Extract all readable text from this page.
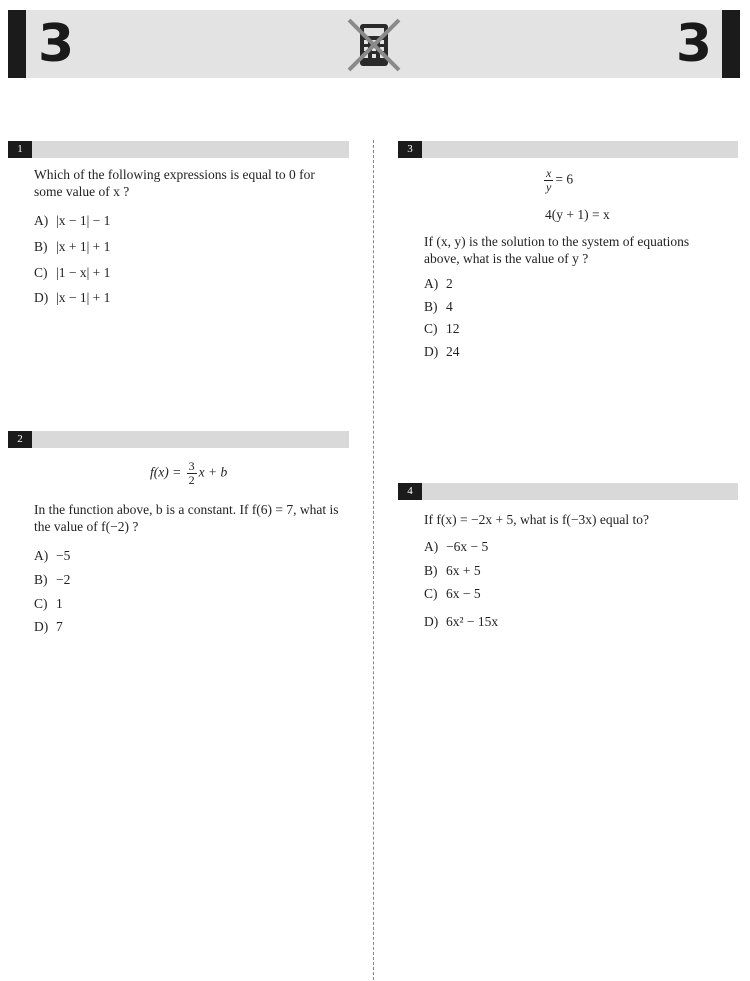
3	3
1
Which of the following expressions is equal to 0 for some value of x ?
A) |x − 1| − 1
B) |x + 1| + 1
C) |1 − x| + 1
D) |x − 1| + 1
2
$f(x) = \frac{3}{2}$ x + b
In the function above, b is a constant. If f(6) = 7, what is the value of f(−2) ?
A) −5
B) −2
C) 1
D) 7
3
$\frac{x}{y} = 6$
4(y + 1) = x
If (x, y) is the solution to the system of equations above, what is the value of y ?
A) 2
B) 4
C) 12
D) 24
4
If f(x) = −2x + 5, what is f(−3x) equal to?
A) −6x − 5
B) 6x + 5
C) 6x − 5
D) 6x² − 15x
